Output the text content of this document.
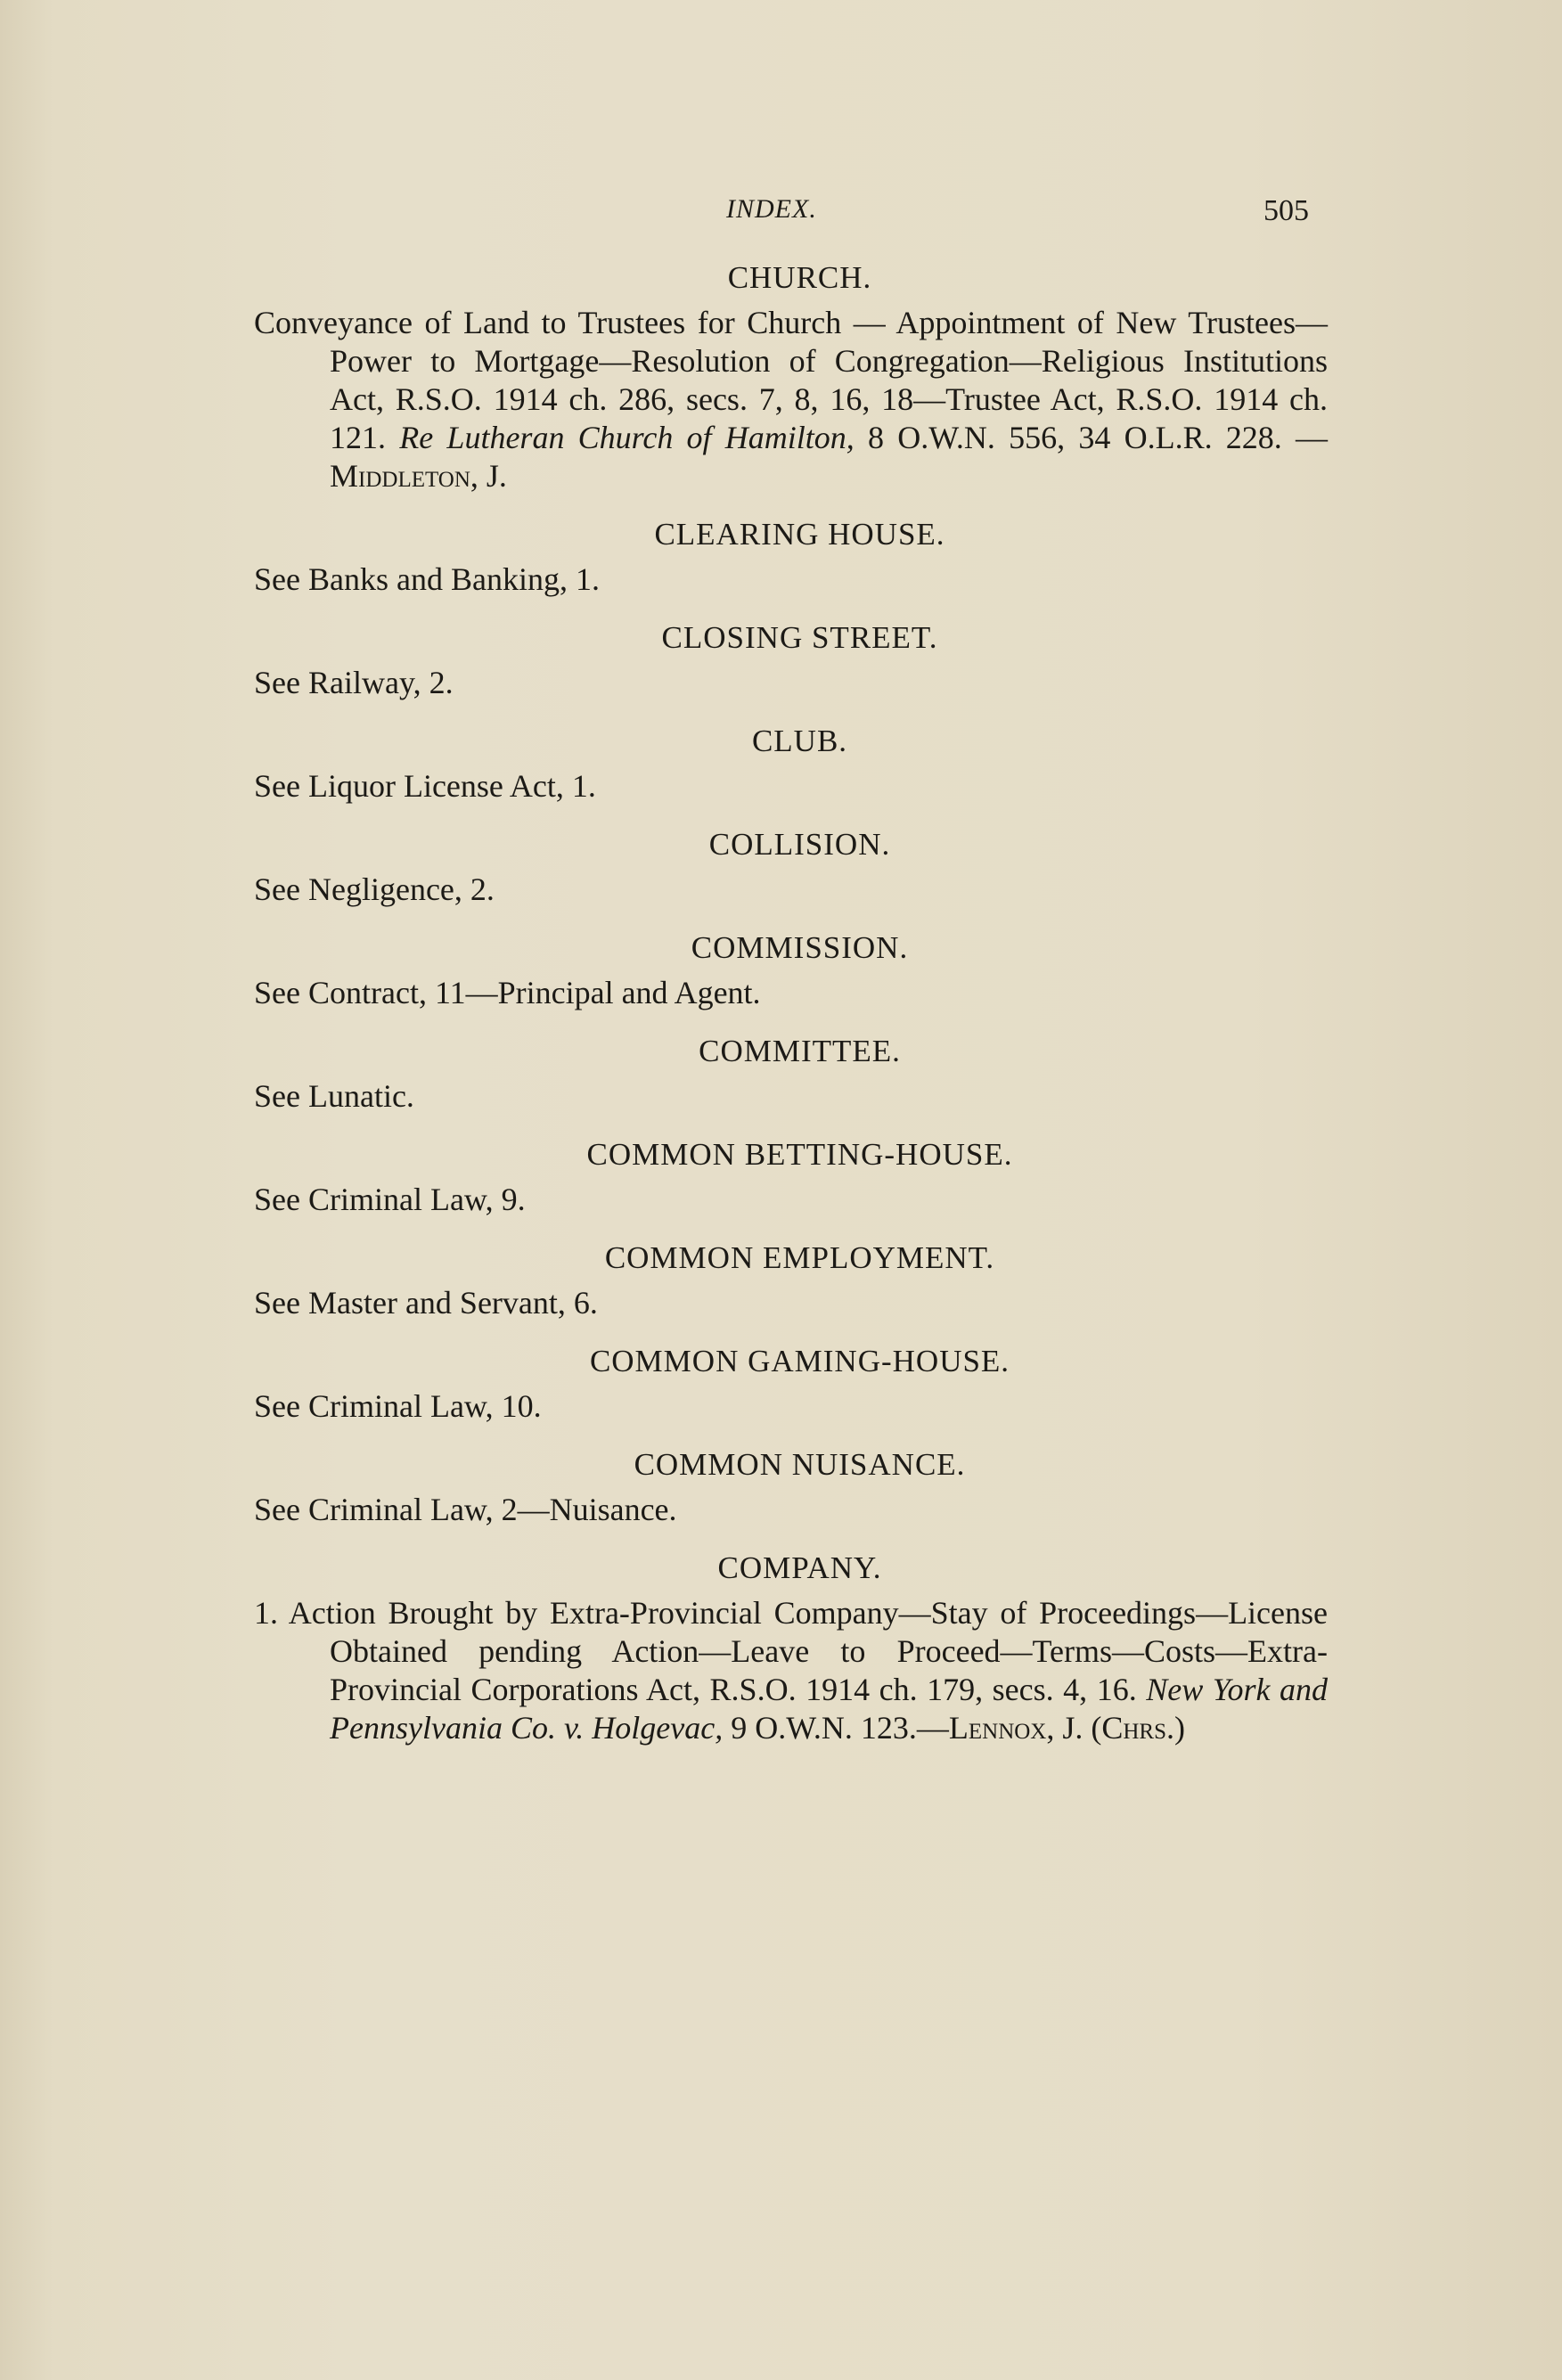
INDEX.	505
CHURCH.

Conveyance of Land to Trustees for Church — Appointment of New Trustees—Power to Mortgage—Resolution of Congregation—Religious Institutions Act, R.S.O. 1914 ch. 286, secs. 7, 8, 16, 18—Trustee Act, R.S.O. 1914 ch. 121. Re Lutheran Church of Hamilton, 8 O.W.N. 556, 34 O.L.R. 228. —Middleton, J.

CLEARING HOUSE.

See Banks and Banking, 1.

CLOSING STREET.

See Railway, 2.

CLUB.

See Liquor License Act, 1.

COLLISION.

See Negligence, 2.

COMMISSION.

See Contract, 11—Principal and Agent.

COMMITTEE.

See Lunatic.

COMMON BETTING-HOUSE.

See Criminal Law, 9.

COMMON EMPLOYMENT.

See Master and Servant, 6.

COMMON GAMING-HOUSE.

See Criminal Law, 10.

COMMON NUISANCE.

See Criminal Law, 2—Nuisance.

COMPANY.

1. Action Brought by Extra-Provincial Company—Stay of Proceedings—License Obtained pending Action—Leave to Proceed—Terms—Costs—Extra-Provincial Corporations Act, R.S.O. 1914 ch. 179, secs. 4, 16. New York and Pennsylvania Co. v. Holgevac, 9 O.W.N. 123.—Lennox, J. (Chrs.)
